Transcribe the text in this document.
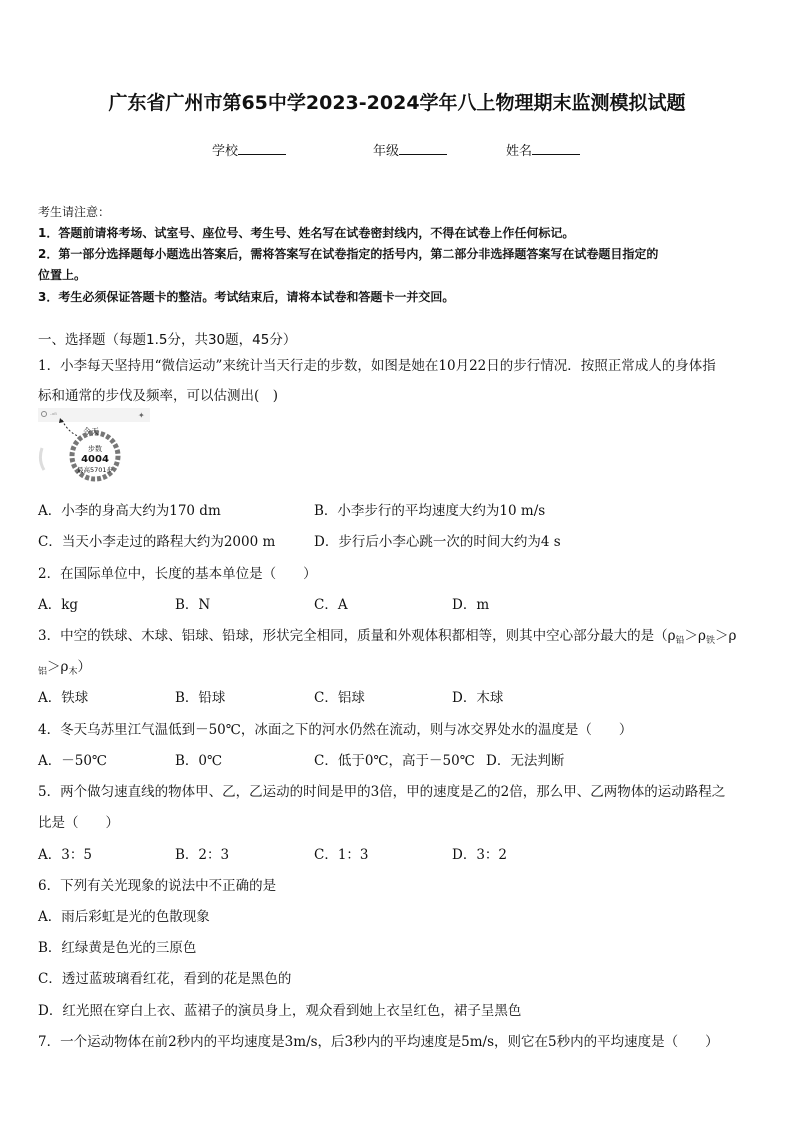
广东省广州市第65中学2023-2024学年八上物理期末监测模拟试题
学校	年级	姓名
考生请注意：
1．答题前请将考场、试室号、座位号、考生号、姓名写在试卷密封线内，不得在试卷上作任何标记。
2．第一部分选择题每小题选出答案后，需将答案写在试卷指定的括号内，第二部分非选择题答案写在试卷题目指定的
位置上。
3．考生必须保证答题卡的整洁。考试结束后，请将本试卷和答题卡一并交回。
一、选择题（每题1.5分，共30题，45分）
1．小李每天坚持用“微信运动”来统计当天行走的步数，如图是她在10月22日的步行情况．按照正常成人的身体指
标和通常的步伐及频率，可以估测出( )
·ᵃᴮ	✦
今天
步数
4004
最高5701步
A．小李的身高大约为170 dm	B．小李步行的平均速度大约为10 m/s
C．当天小李走过的路程大约为2000 m	D．步行后小李心跳一次的时间大约为4 s
2．在国际单位中，长度的基本单位是（  ）
A．kg	B．N	C．A	D．m
3．中空的铁球、木球、铝球、铅球，形状完全相同，质量和外观体积都相等，则其中空心部分最大的是（$\rho_铅>\rho_铁>\rho$
$_铝>\rho_木$）
A．铁球	B．铅球	C．铝球	D．木球
4．冬天乌苏里江气温低到－50℃，冰面之下的河水仍然在流动，则与冰交界处水的温度是（  ）
A．－50℃	B．0℃	C．低于0℃，高于－50℃ D．无法判断
5．两个做匀速直线的物体甲、乙，乙运动的时间是甲的3倍，甲的速度是乙的2倍，那么甲、乙两物体的运动路程之
比是（  ）
A．3：5	B．2：3	C．1：3	D．3：2
6．下列有关光现象的说法中不正确的是
A．雨后彩虹是光的色散现象
B．红绿黄是色光的三原色
C．透过蓝玻璃看红花，看到的花是黑色的
D．红光照在穿白上衣、蓝裙子的演员身上，观众看到她上衣呈红色，裙子呈黑色
7．一个运动物体在前2秒内的平均速度是3m/s，后3秒内的平均速度是5m/s，则它在5秒内的平均速度是（  ）
